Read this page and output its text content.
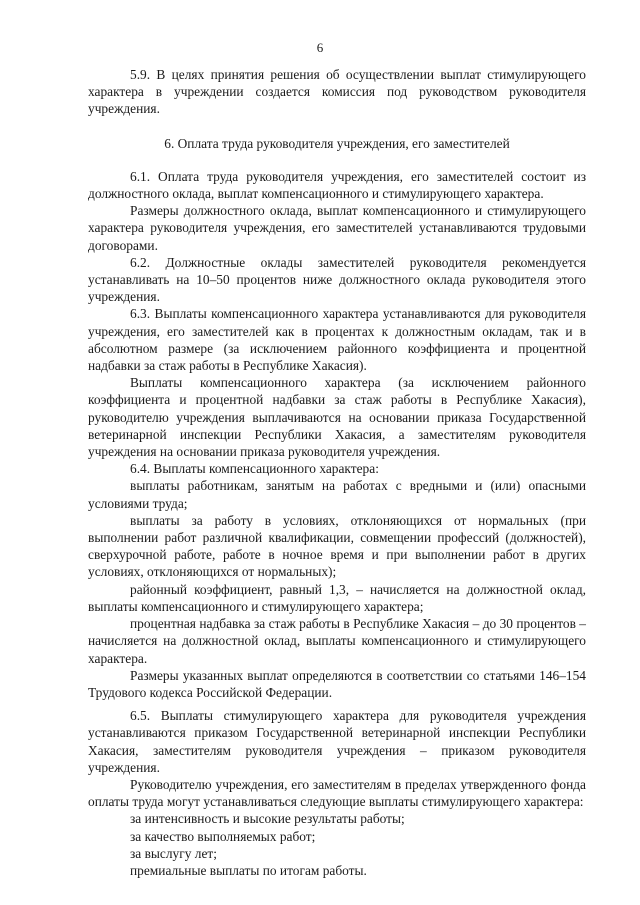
6

5.9. В целях принятия решения об осуществлении выплат стимулирующего характера в учреждении создается комиссия под руководством руководителя учреждения.

6. Оплата труда руководителя учреждения, его заместителей

6.1. Оплата труда руководителя учреждения, его заместителей состоит из должностного оклада, выплат компенсационного и стимулирующего характера.

Размеры должностного оклада, выплат компенсационного и стимулирующего характера руководителя учреждения, его заместителей устанавливаются трудовыми договорами.

6.2. Должностные оклады заместителей руководителя рекомендуется устанавливать на 10–50 процентов ниже должностного оклада руководителя этого учреждения.

6.3. Выплаты компенсационного характера устанавливаются для руководителя учреждения, его заместителей как в процентах к должностным окладам, так и в абсолютном размере (за исключением районного коэффициента и процентной надбавки за стаж работы в Республике Хакасия).

Выплаты компенсационного характера (за исключением районного коэффициента и процентной надбавки за стаж работы в Республике Хакасия), руководителю учреждения выплачиваются на основании приказа Государственной ветеринарной инспекции Республики Хакасия, а заместителям руководителя учреждения на основании приказа руководителя учреждения.

6.4. Выплаты компенсационного характера:

выплаты работникам, занятым на работах с вредными и (или) опасными условиями труда;

выплаты за работу в условиях, отклоняющихся от нормальных (при выполнении работ различной квалификации, совмещении профессий (должностей), сверхурочной работе, работе в ночное время и при выполнении работ в других условиях, отклоняющихся от нормальных);

районный коэффициент, равный 1,3, – начисляется на должностной оклад, выплаты компенсационного и стимулирующего характера;

процентная надбавка за стаж работы в Республике Хакасия – до 30 процентов – начисляется на должностной оклад, выплаты компенсационного и стимулирующего характера.

Размеры указанных выплат определяются в соответствии со статьями 146–154 Трудового кодекса Российской Федерации.

6.5. Выплаты стимулирующего характера для руководителя учреждения устанавливаются приказом Государственной ветеринарной инспекции Республики Хакасия, заместителям руководителя учреждения – приказом руководителя учреждения.

Руководителю учреждения, его заместителям в пределах утвержденного фонда оплаты труда могут устанавливаться следующие выплаты стимулирующего характера:

за интенсивность и высокие результаты работы;

за качество выполняемых работ;

за выслугу лет;

премиальные выплаты по итогам работы.
